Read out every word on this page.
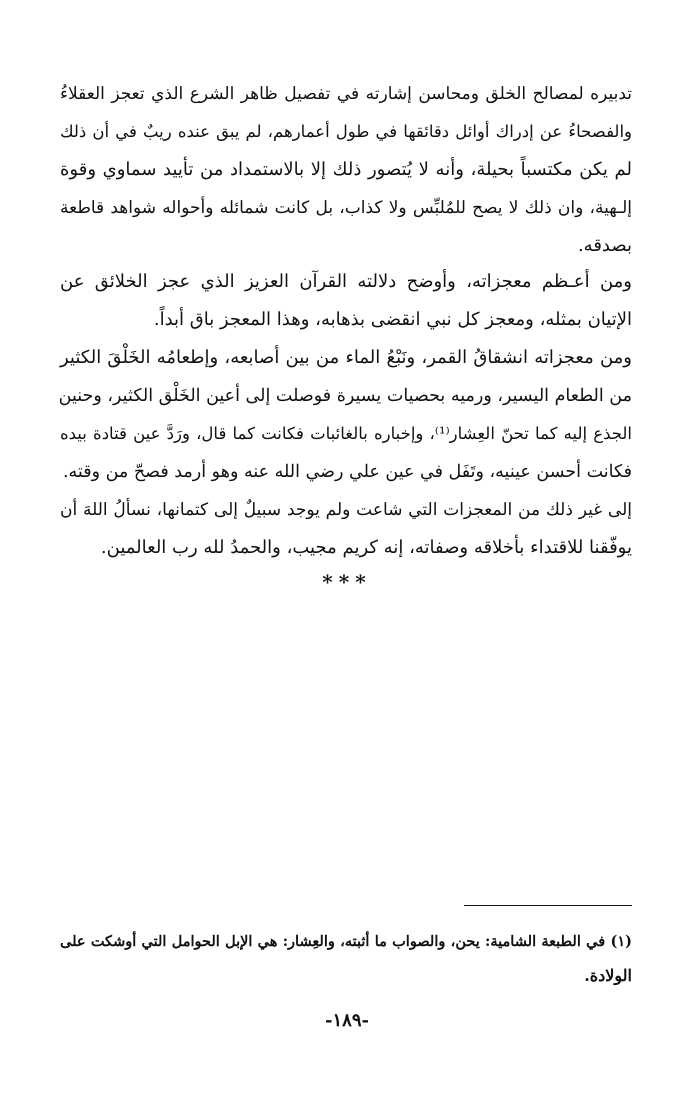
تدبيره لمصالح الخلق ومحاسن إشارته في تفصيل ظاهر الشرع الذي تعجز العقلاءُ
والفصحاءُ عن إدراك أوائل دقائقها في طول أعمارهم، لم يبق عنده ريبٌ في أن ذلك
لم يكن مكتسباً بحيلة، وأنه لا يُتصور ذلك إلا بالاستمداد من تأييد سماوي وقوة
إلـهية، وان ذلك لا يصح للمُلبِّس ولا كذاب، بل كانت شمائله وأحواله شواهد قاطعة
بصدقه.
ومن أعـظم معجزاته، وأوضح دلالته القرآن العزيز الذي عجز الخلائق عن
الإتيان بمثله، ومعجز كل نبي انقضى بذهابه، وهذا المعجز باق أبداً.
ومن معجزاته انشقاقُ القمر، ونَبْعُ الماء من بين أصابعه، وإطعامُه الخَلْقَ الكثير
من الطعام اليسير، ورميه بحصيات يسيرة فوصلت إلى أعين الخَلْق الكثير، وحنين
الجذع إليه كما تحنّ العِشار⁽¹⁾، وإخباره بالغائبات فكانت كما قال، ورَدَّ عين قتادة بيده
فكانت أحسن عينيه، وتَفَل في عين علي رضي الله عنه وهو أرمد فصحّ من وقته.
إلى غير ذلك من المعجزات التي شاعت ولم يوجد سبيلٌ إلى كتمانها، نسألُ اللهَ أن
يوفّقنا للاقتداء بأخلاقه وصفاته، إنه كريم مجيب، والحمدُ لله رب العالمين.
***
(١) في الطبعة الشامية: يحن، والصواب ما أثبته، والعِشار: هي الإبل الحوامل التي أوشكت على
الولادة.
-١٨٩-
